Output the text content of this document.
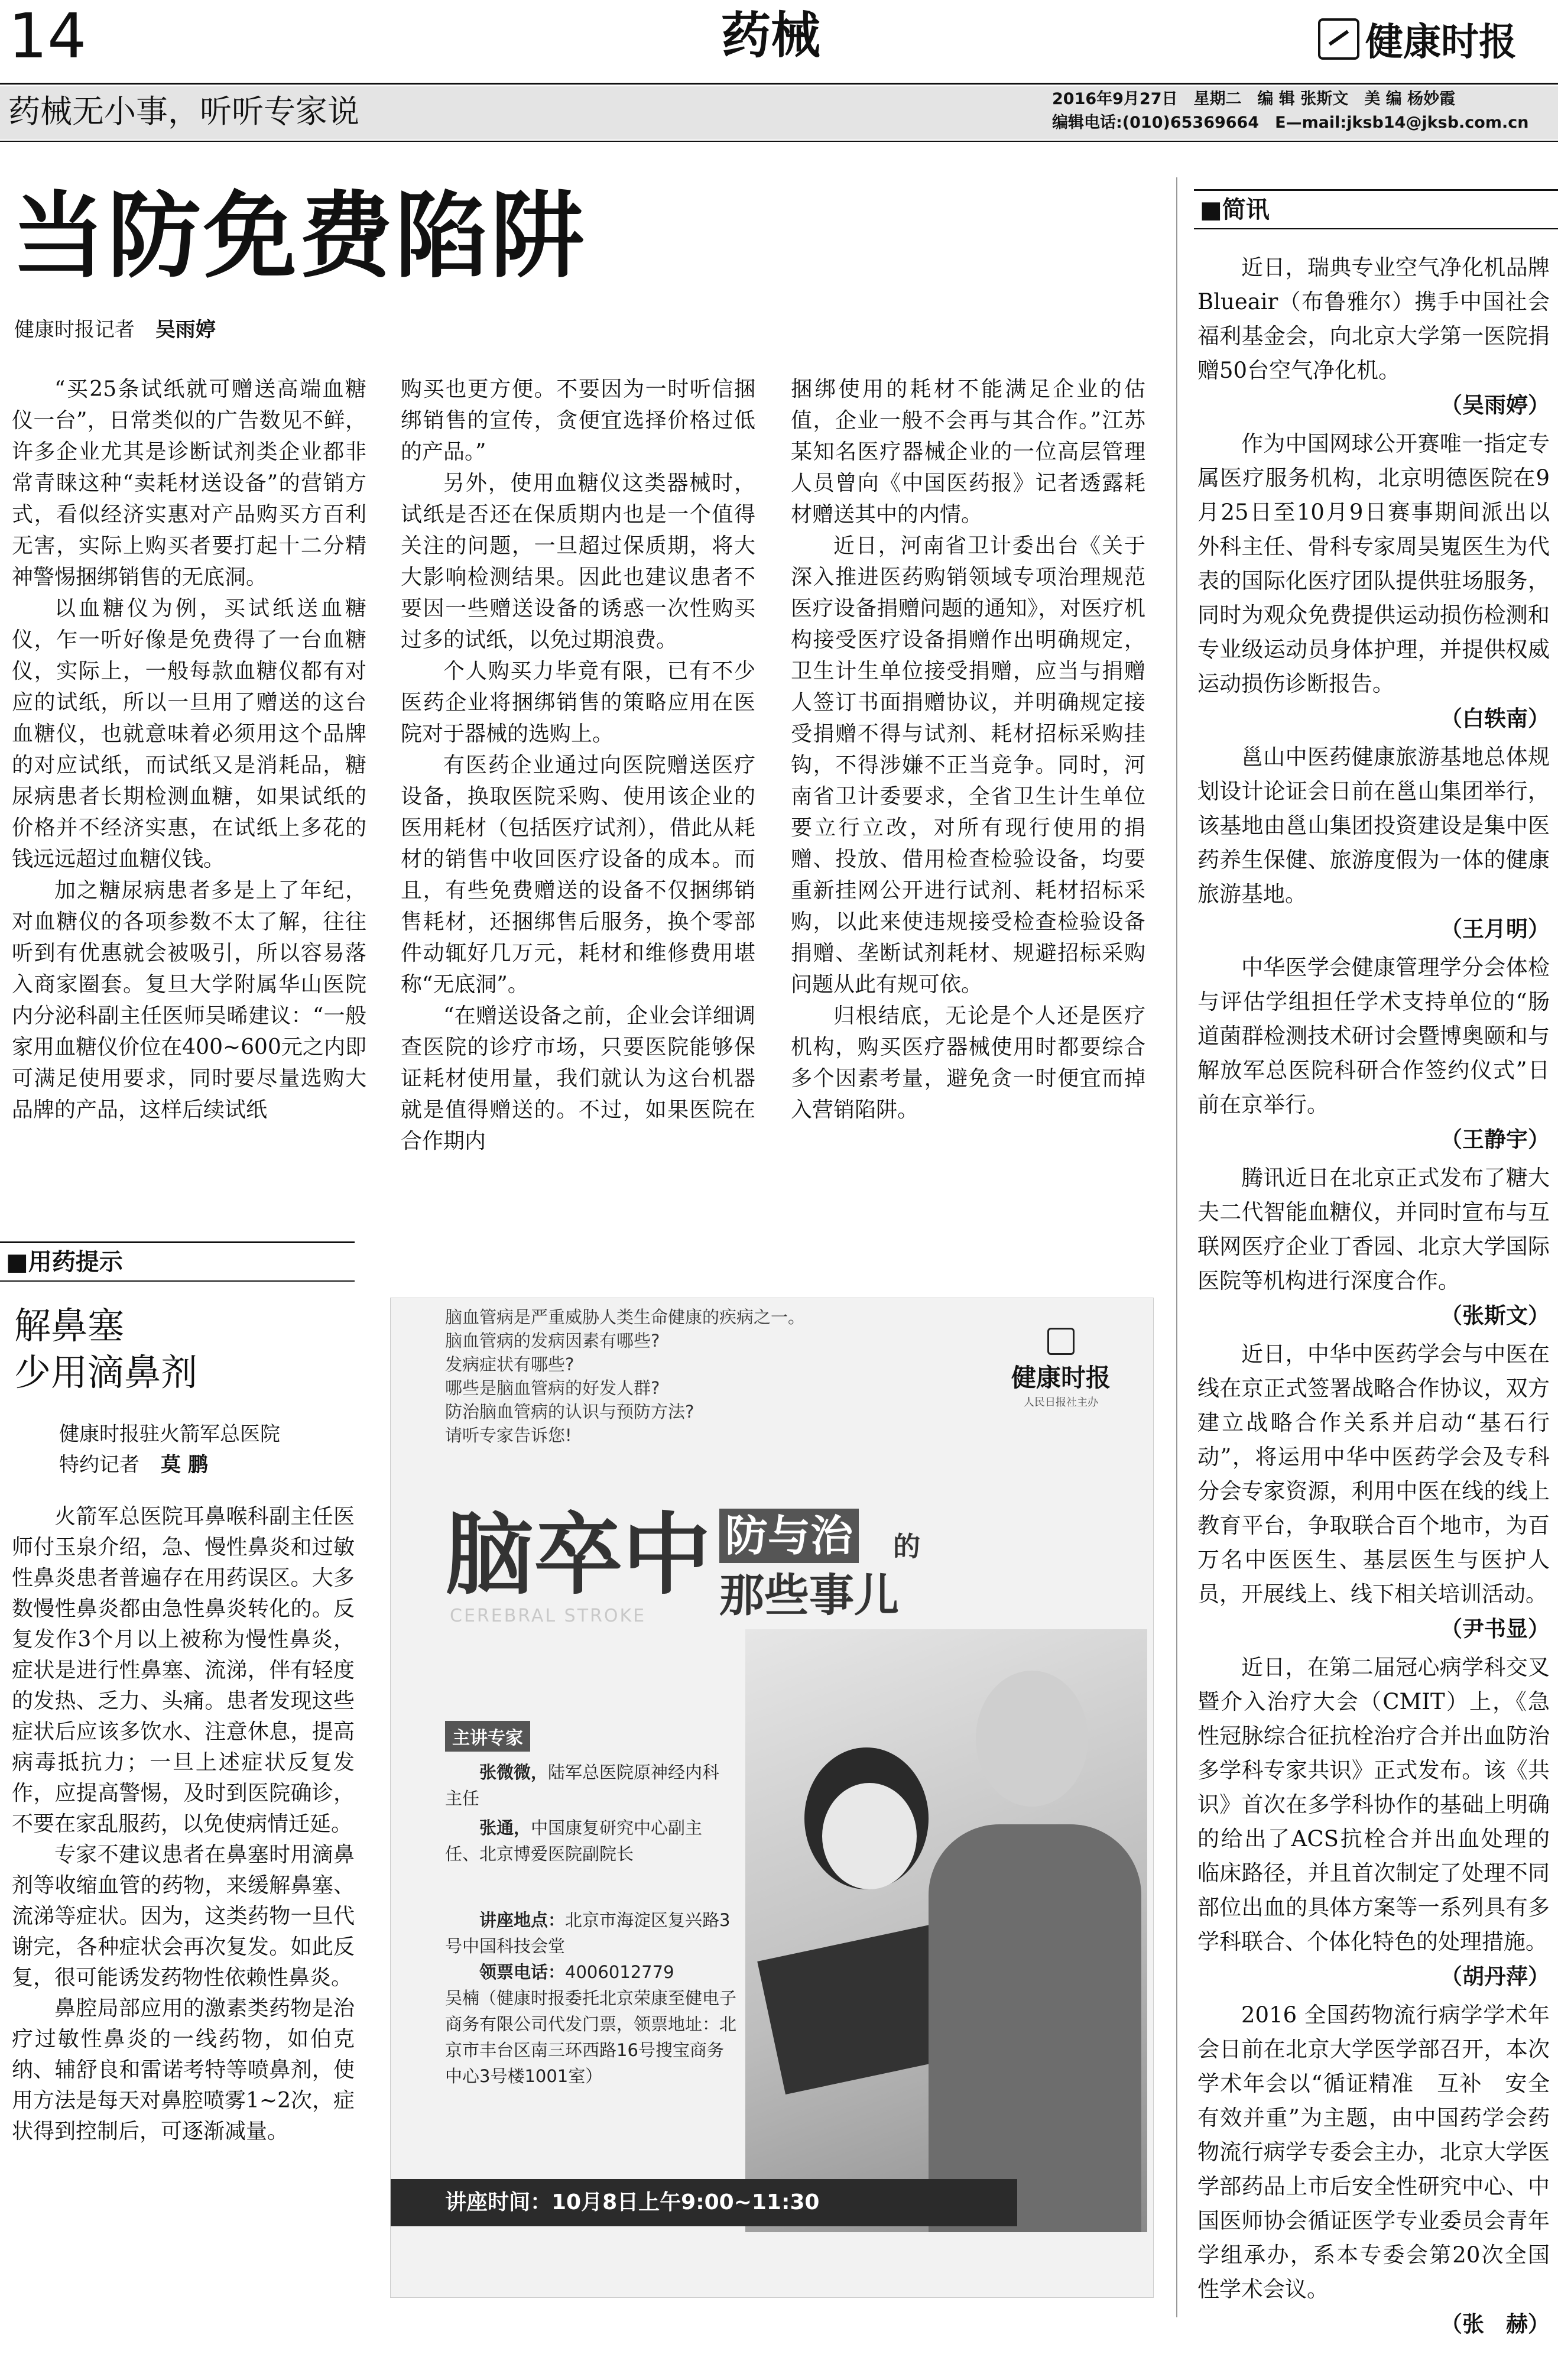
14	药械	健康时报
药械无小事，听听专家说	2016年9月27日　星期二　编 辑 张斯文　美 编 杨妙霞
编辑电话:(010)65369664　E—mail:jksb14@jksb.com.cn
当防免费陷阱
健康时报记者 吴雨婷

“买25条试纸就可赠送高端血糖仪一台”，日常类似的广告数见不鲜，许多企业尤其是诊断试剂类企业都非常青睐这种“卖耗材送设备”的营销方式，看似经济实惠对产品购买方百利无害，实际上购买者要打起十二分精神警惕捆绑销售的无底洞。

以血糖仪为例，买试纸送血糖仪，乍一听好像是免费得了一台血糖仪，实际上，一般每款血糖仪都有对应的试纸，所以一旦用了赠送的这台血糖仪，也就意味着必须用这个品牌的对应试纸，而试纸又是消耗品，糖尿病患者长期检测血糖，如果试纸的价格并不经济实惠，在试纸上多花的钱远远超过血糖仪钱。

加之糖尿病患者多是上了年纪，对血糖仪的各项参数不太了解，往往听到有优惠就会被吸引，所以容易落入商家圈套。复旦大学附属华山医院内分泌科副主任医师吴晞建议：“一般家用血糖仪价位在400~600元之内即可满足使用要求，同时要尽量选购大品牌的产品，这样后续试纸

购买也更方便。不要因为一时听信捆绑销售的宣传，贪便宜选择价格过低的产品。”

另外，使用血糖仪这类器械时，试纸是否还在保质期内也是一个值得关注的问题，一旦超过保质期，将大大影响检测结果。因此也建议患者不要因一些赠送设备的诱惑一次性购买过多的试纸，以免过期浪费。

个人购买力毕竟有限，已有不少医药企业将捆绑销售的策略应用在医院对于器械的选购上。

有医药企业通过向医院赠送医疗设备，换取医院采购、使用该企业的医用耗材（包括医疗试剂），借此从耗材的销售中收回医疗设备的成本。而且，有些免费赠送的设备不仅捆绑销售耗材，还捆绑售后服务，换个零部件动辄好几万元，耗材和维修费用堪称“无底洞”。

“在赠送设备之前，企业会详细调查医院的诊疗市场，只要医院能够保证耗材使用量，我们就认为这台机器就是值得赠送的。不过，如果医院在合作期内

捆绑使用的耗材不能满足企业的估值，企业一般不会再与其合作。”江苏某知名医疗器械企业的一位高层管理人员曾向《中国医药报》记者透露耗材赠送其中的内情。

近日，河南省卫计委出台《关于深入推进医药购销领域专项治理规范医疗设备捐赠问题的通知》，对医疗机构接受医疗设备捐赠作出明确规定，卫生计生单位接受捐赠，应当与捐赠人签订书面捐赠协议，并明确规定接受捐赠不得与试剂、耗材招标采购挂钩，不得涉嫌不正当竞争。同时，河南省卫计委要求，全省卫生计生单位要立行立改，对所有现行使用的捐赠、投放、借用检查检验设备，均要重新挂网公开进行试剂、耗材招标采购，以此来使违规接受检查检验设备捐赠、垄断试剂耗材、规避招标采购问题从此有规可依。

归根结底，无论是个人还是医疗机构，购买医疗器械使用时都要综合多个因素考量，避免贪一时便宜而掉入营销陷阱。

■用药提示
解鼻塞
少用滴鼻剂
健康时报驻火箭军总医院
特约记者 莫 鹏

火箭军总医院耳鼻喉科副主任医师付玉泉介绍，急、慢性鼻炎和过敏性鼻炎患者普遍存在用药误区。大多数慢性鼻炎都由急性鼻炎转化的。反复发作3个月以上被称为慢性鼻炎，症状是进行性鼻塞、流涕，伴有轻度的发热、乏力、头痛。患者发现这些症状后应该多饮水、注意休息，提高病毒抵抗力；一旦上述症状反复发作，应提高警惕，及时到医院确诊，不要在家乱服药，以免使病情迁延。

专家不建议患者在鼻塞时用滴鼻剂等收缩血管的药物，来缓解鼻塞、流涕等症状。因为，这类药物一旦代谢完，各种症状会再次复发。如此反复，很可能诱发药物性依赖性鼻炎。

鼻腔局部应用的激素类药物是治疗过敏性鼻炎的一线药物，如伯克纳、辅舒良和雷诺考特等喷鼻剂，使用方法是每天对鼻腔喷雾1~2次，症状得到控制后，可逐渐减量。

脑血管病是严重威胁人类生命健康的疾病之一。
脑血管病的发病因素有哪些?
发病症状有哪些?
哪些是脑血管病的好发人群?
防治脑血管病的认识与预防方法?
请听专家告诉您!
健康时报
人民日报社主办
脑卒中 防与治 的
那些事儿
CEREBRAL STROKE
主讲专家
张微微，陆军总医院原神经内科主任
张通，中国康复研究中心副主任、北京博爱医院副院长
讲座地点：北京市海淀区复兴路3号中国科技会堂
领票电话：4006012779
吴楠（健康时报委托北京荣康至健电子商务有限公司代发门票，领票地址：北京市丰台区南三环西路16号搜宝商务中心3号楼1001室）
讲座时间：10月8日上午9:00~11:30
■简讯

近日，瑞典专业空气净化机品牌Blueair（布鲁雅尔）携手中国社会福利基金会，向北京大学第一医院捐赠50台空气净化机。

（吴雨婷）

作为中国网球公开赛唯一指定专属医疗服务机构，北京明德医院在9月25日至10月9日赛事期间派出以外科主任、骨科专家周昊嵬医生为代表的国际化医疗团队提供驻场服务，同时为观众免费提供运动损伤检测和专业级运动员身体护理，并提供权威运动损伤诊断报告。

（白轶南）

邕山中医药健康旅游基地总体规划设计论证会日前在邕山集团举行，该基地由邕山集团投资建设是集中医药养生保健、旅游度假为一体的健康旅游基地。

（王月明）

中华医学会健康管理学分会体检与评估学组担任学术支持单位的“肠道菌群检测技术研讨会暨博奥颐和与解放军总医院科研合作签约仪式”日前在京举行。

（王静宇）

腾讯近日在北京正式发布了糖大夫二代智能血糖仪，并同时宣布与互联网医疗企业丁香园、北京大学国际医院等机构进行深度合作。

（张斯文）

近日，中华中医药学会与中医在线在京正式签署战略合作协议，双方建立战略合作关系并启动“基石行动”，将运用中华中医药学会及专科分会专家资源，利用中医在线的线上教育平台，争取联合百个地市，为百万名中医医生、基层医生与医护人员，开展线上、线下相关培训活动。

（尹书显）

近日，在第二届冠心病学科交叉暨介入治疗大会（CMIT）上，《急性冠脉综合征抗栓治疗合并出血防治多学科专家共识》正式发布。该《共识》首次在多学科协作的基础上明确的给出了ACS抗栓合并出血处理的临床路径，并且首次制定了处理不同部位出血的具体方案等一系列具有多学科联合、个体化特色的处理措施。

（胡丹萍）

2016 全国药物流行病学学术年会日前在北京大学医学部召开，本次学术年会以“循证精准　互补　安全有效并重”为主题，由中国药学会药物流行病学专委会主办，北京大学医学部药品上市后安全性研究中心、中国医师协会循证医学专业委员会青年学组承办，系本专委会第20次全国性学术会议。

（张　赫）
